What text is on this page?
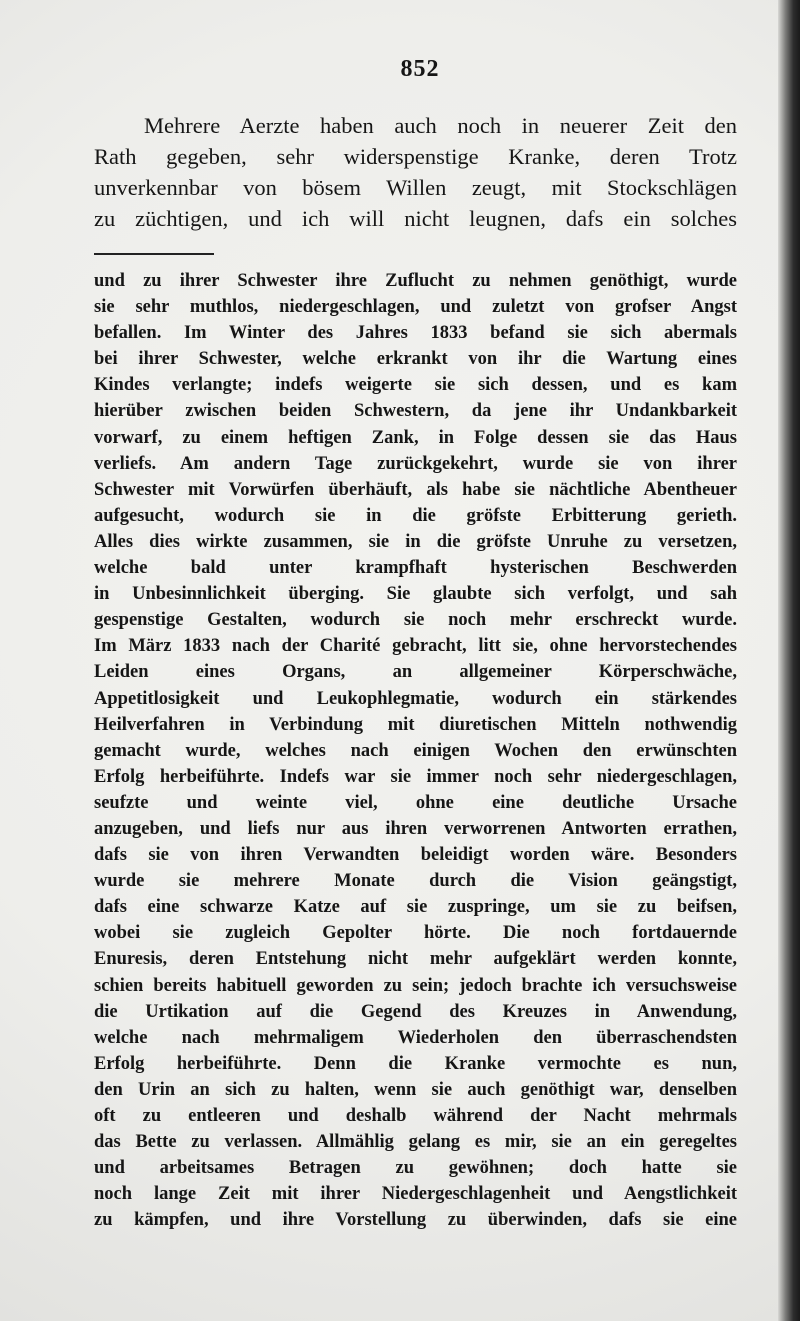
852
Mehrere Aerzte haben auch noch in neuerer Zeit den
Rath gegeben, sehr widerspenstige Kranke, deren Trotz
unverkennbar von bösem Willen zeugt, mit Stockschlägen
zu züchtigen, und ich will nicht leugnen, dafs ein solches
und zu ihrer Schwester ihre Zuflucht zu nehmen genöthigt, wurde
sie sehr muthlos, niedergeschlagen, und zuletzt von grofser Angst
befallen. Im Winter des Jahres 1833 befand sie sich abermals
bei ihrer Schwester, welche erkrankt von ihr die Wartung eines
Kindes verlangte; indefs weigerte sie sich dessen, und es kam
hierüber zwischen beiden Schwestern, da jene ihr Undankbarkeit
vorwarf, zu einem heftigen Zank, in Folge dessen sie das Haus
verliefs. Am andern Tage zurückgekehrt, wurde sie von ihrer
Schwester mit Vorwürfen überhäuft, als habe sie nächtliche Abentheuer
aufgesucht, wodurch sie in die gröfste Erbitterung gerieth.
Alles dies wirkte zusammen, sie in die gröfste Unruhe zu versetzen,
welche bald unter krampfhaft hysterischen Beschwerden
in Unbesinnlichkeit überging. Sie glaubte sich verfolgt, und sah
gespenstige Gestalten, wodurch sie noch mehr erschreckt wurde.
Im März 1833 nach der Charité gebracht, litt sie, ohne hervorstechendes
Leiden eines Organs, an allgemeiner Körperschwäche,
Appetitlosigkeit und Leukophlegmatie, wodurch ein stärkendes
Heilverfahren in Verbindung mit diuretischen Mitteln nothwendig
gemacht wurde, welches nach einigen Wochen den erwünschten
Erfolg herbeiführte. Indefs war sie immer noch sehr niedergeschlagen,
seufzte und weinte viel, ohne eine deutliche Ursache
anzugeben, und liefs nur aus ihren verworrenen Antworten errathen,
dafs sie von ihren Verwandten beleidigt worden wäre. Besonders
wurde sie mehrere Monate durch die Vision geängstigt,
dafs eine schwarze Katze auf sie zuspringe, um sie zu beifsen,
wobei sie zugleich Gepolter hörte. Die noch fortdauernde
Enuresis, deren Entstehung nicht mehr aufgeklärt werden konnte,
schien bereits habituell geworden zu sein; jedoch brachte ich versuchsweise
die Urtikation auf die Gegend des Kreuzes in Anwendung,
welche nach mehrmaligem Wiederholen den überraschendsten
Erfolg herbeiführte. Denn die Kranke vermochte es nun,
den Urin an sich zu halten, wenn sie auch genöthigt war, denselben
oft zu entleeren und deshalb während der Nacht mehrmals
das Bette zu verlassen. Allmählig gelang es mir, sie an ein geregeltes
und arbeitsames Betragen zu gewöhnen; doch hatte sie
noch lange Zeit mit ihrer Niedergeschlagenheit und Aengstlichkeit
zu kämpfen, und ihre Vorstellung zu überwinden, dafs sie eine
